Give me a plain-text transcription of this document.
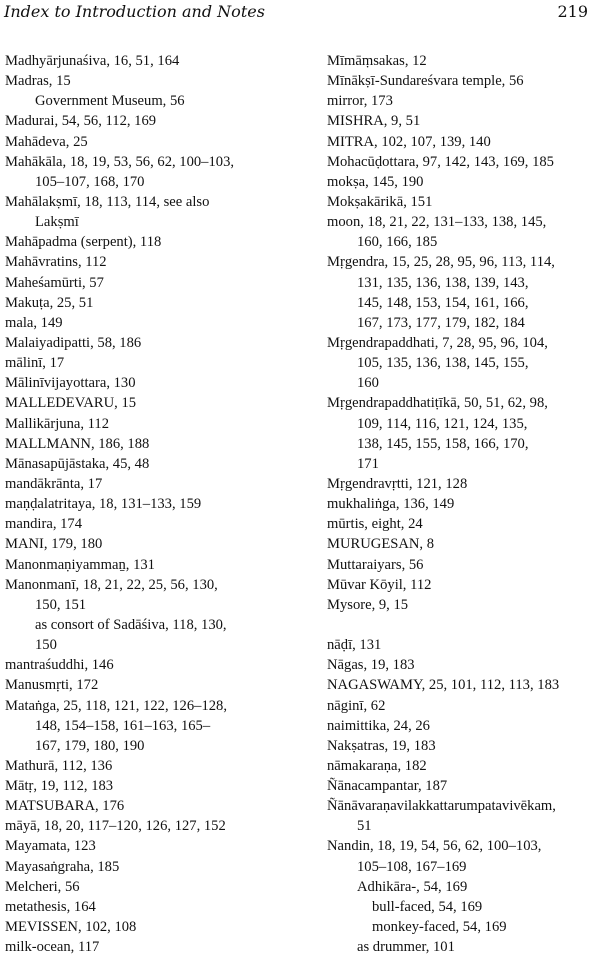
Index to Introduction and Notes	219
Madhyārjunaśiva, 16, 51, 164
Madras, 15
Government Museum, 56
Madurai, 54, 56, 112, 169
Mahādeva, 25
Mahākāla, 18, 19, 53, 56, 62, 100–103,
105–107, 168, 170
Mahālakṣmī, 18, 113, 114, see also
Lakṣmī
Mahāpadma (serpent), 118
Mahāvratins, 112
Maheśamūrti, 57
Makuṭa, 25, 51
mala, 149
Malaiyadipatti, 58, 186
mālinī, 17
Mālinīvijayottara, 130
MALLEDEVARU, 15
Mallikārjuna, 112
MALLMANN, 186, 188
Mānasapūjāstaka, 45, 48
mandākrānta, 17
maṇḍalatritaya, 18, 131–133, 159
mandira, 174
MANI, 179, 180
Manonmaṇiyammaṉ, 131
Manonmanī, 18, 21, 22, 25, 56, 130,
150, 151
as consort of Sadāśiva, 118, 130,
150
mantraśuddhi, 146
Manusmṛti, 172
Mataṅga, 25, 118, 121, 122, 126–128,
148, 154–158, 161–163, 165–
167, 179, 180, 190
Mathurā, 112, 136
Mātṛ, 19, 112, 183
MATSUBARA, 176
māyā, 18, 20, 117–120, 126, 127, 152
Mayamata, 123
Mayasaṅgraha, 185
Melcheri, 56
metathesis, 164
MEVISSEN, 102, 108
milk-ocean, 117
Mīmāṃsakas, 12
Mīnākṣī-Sundareśvara temple, 56
mirror, 173
MISHRA, 9, 51
MITRA, 102, 107, 139, 140
Mohacūḍottara, 97, 142, 143, 169, 185
mokṣa, 145, 190
Mokṣakārikā, 151
moon, 18, 21, 22, 131–133, 138, 145,
160, 166, 185
Mṛgendra, 15, 25, 28, 95, 96, 113, 114,
131, 135, 136, 138, 139, 143,
145, 148, 153, 154, 161, 166,
167, 173, 177, 179, 182, 184
Mṛgendrapaddhati, 7, 28, 95, 96, 104,
105, 135, 136, 138, 145, 155,
160
Mṛgendrapaddhatiṭīkā, 50, 51, 62, 98,
109, 114, 116, 121, 124, 135,
138, 145, 155, 158, 166, 170,
171
Mṛgendravṛtti, 121, 128
mukhaliṅga, 136, 149
mūrtis, eight, 24
MURUGESAN, 8
Muttaraiyars, 56
Mūvar Kōyil, 112
Mysore, 9, 15
nāḍī, 131
Nāgas, 19, 183
NAGASWAMY, 25, 101, 112, 113, 183
nāginī, 62
naimittika, 24, 26
Nakṣatras, 19, 183
nāmakaraṇa, 182
Ñānacampantar, 187
Ñānāvaraṇavilakkattarumpatavivēkam,
51
Nandin, 18, 19, 54, 56, 62, 100–103,
105–108, 167–169
Adhikāra-, 54, 169
bull-faced, 54, 169
monkey-faced, 54, 169
as drummer, 101
